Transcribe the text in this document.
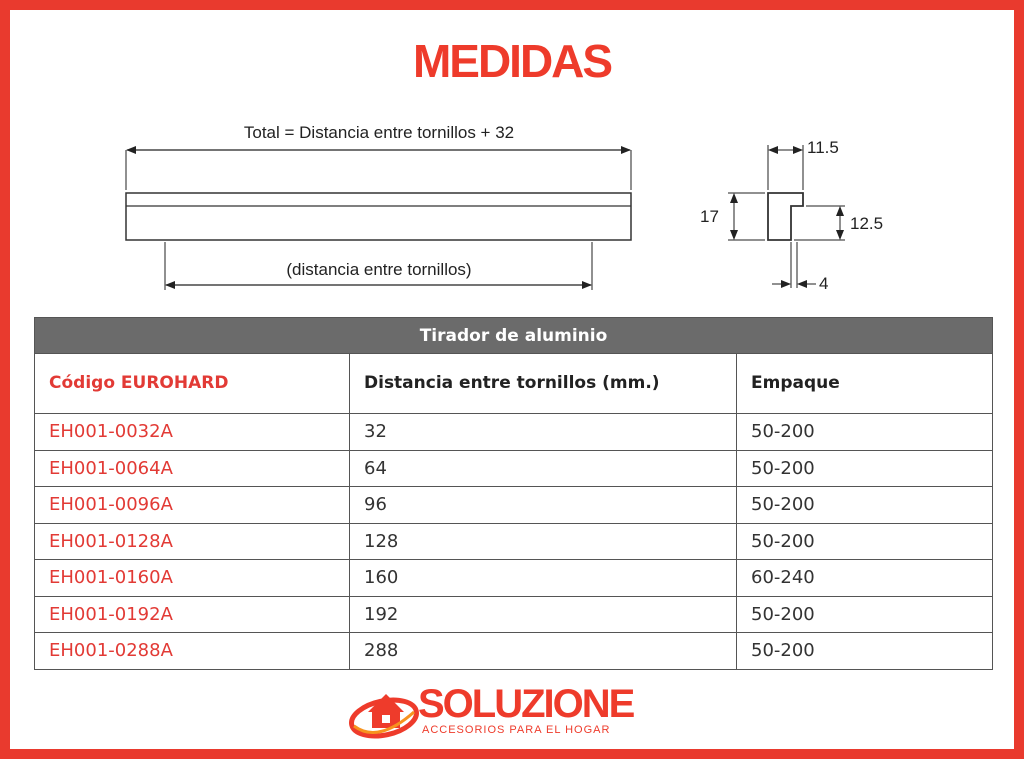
MEDIDAS
Total = Distancia entre tornillos + 32
(distancia entre tornillos)
11.5
17	12.5
4
Tirador de aluminio		
Código EUROHARD	Distancia entre tornillos (mm.)	Empaque
EH001-0032A	32	50-200
EH001-0064A	64	50-200
EH001-0096A	96	50-200
EH001-0128A	128	50-200
EH001-0160A	160	60-240
EH001-0192A	192	50-200
EH001-0288A	288	50-200
SOLUZIONE
ACCESORIOS PARA EL HOGAR
